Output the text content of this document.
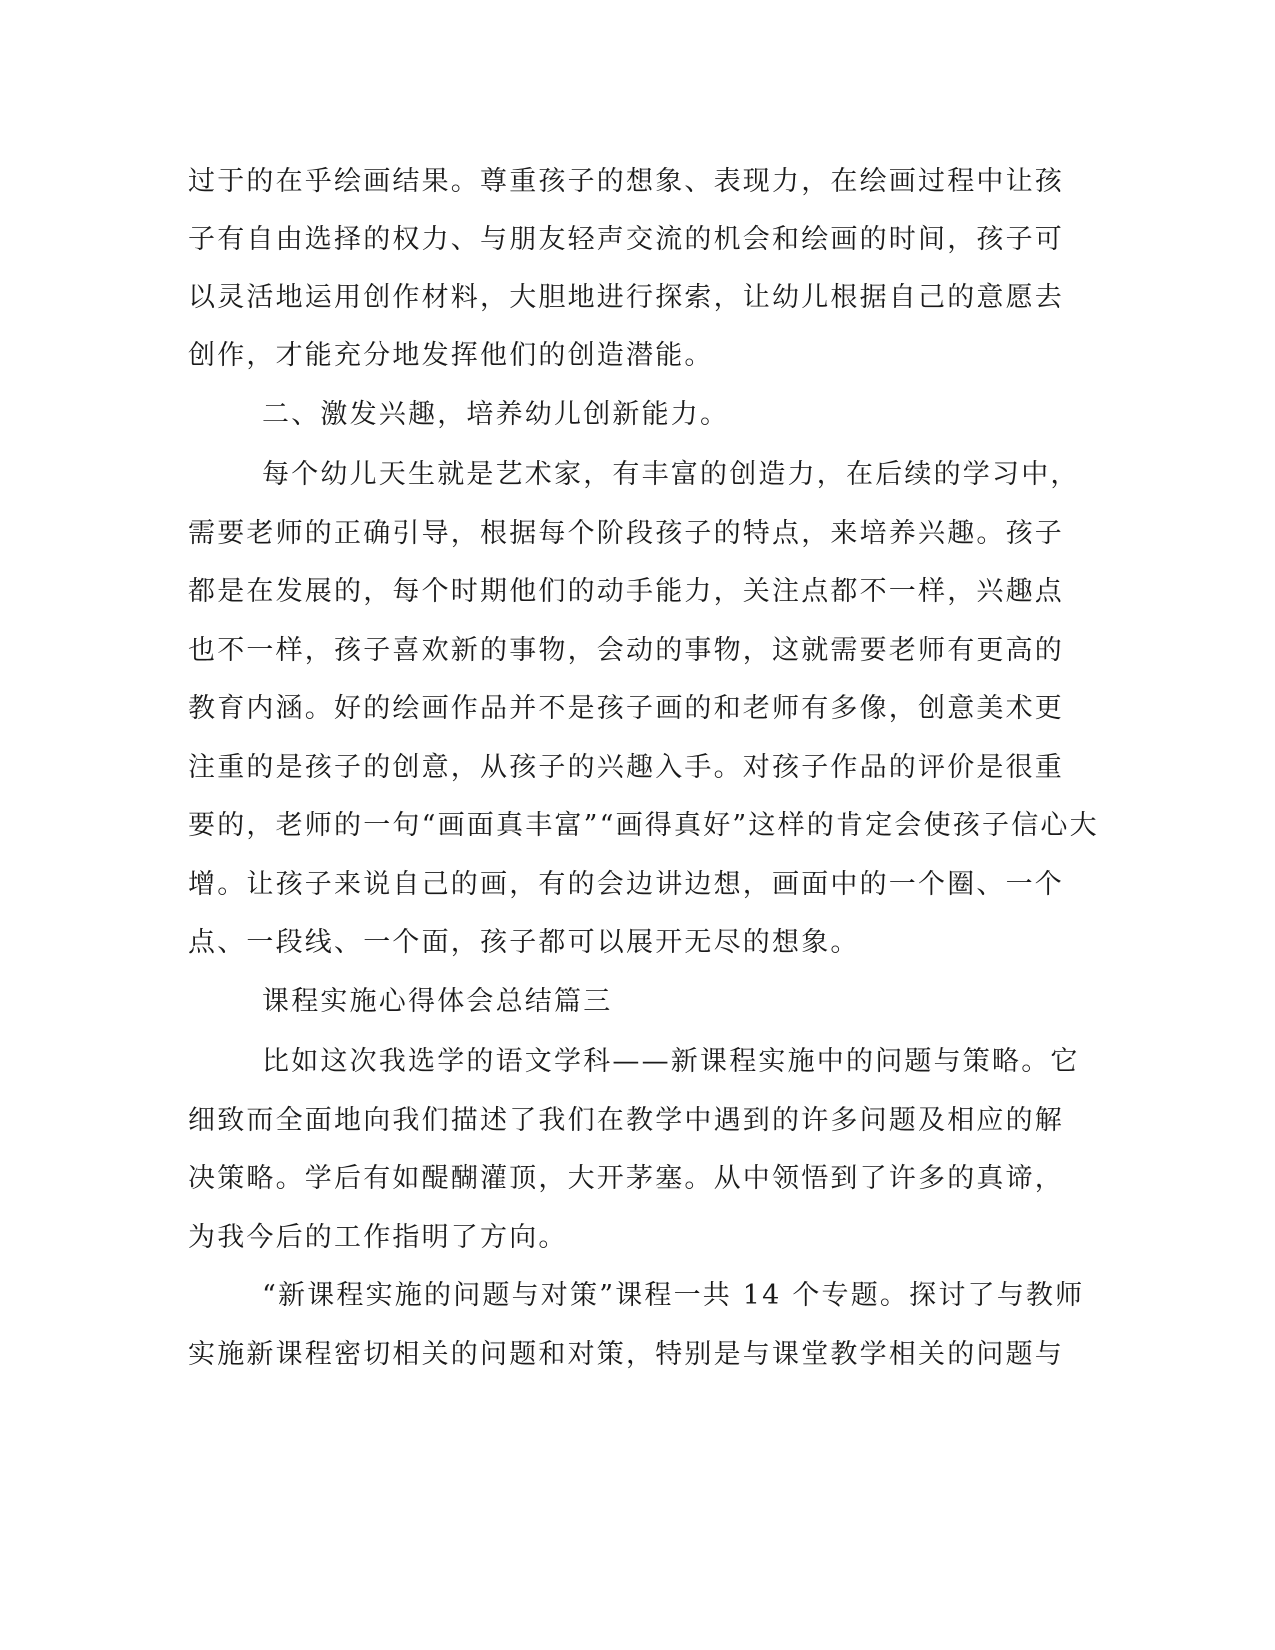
过于的在乎绘画结果。尊重孩子的想象、表现力，在绘画过程中让孩
子有自由选择的权力、与朋友轻声交流的机会和绘画的时间，孩子可
以灵活地运用创作材料，大胆地进行探索，让幼儿根据自己的意愿去
创作，才能充分地发挥他们的创造潜能。
二、激发兴趣，培养幼儿创新能力。
每个幼儿天生就是艺术家，有丰富的创造力，在后续的学习中，
需要老师的正确引导，根据每个阶段孩子的特点，来培养兴趣。孩子
都是在发展的，每个时期他们的动手能力，关注点都不一样，兴趣点
也不一样，孩子喜欢新的事物，会动的事物，这就需要老师有更高的
教育内涵。好的绘画作品并不是孩子画的和老师有多像，创意美术更
注重的是孩子的创意，从孩子的兴趣入手。对孩子作品的评价是很重
要的，老师的一句“画面真丰富”“画得真好”这样的肯定会使孩子信心大
增。让孩子来说自己的画，有的会边讲边想，画面中的一个圈、一个
点、一段线、一个面，孩子都可以展开无尽的想象。
课程实施心得体会总结篇三
比如这次我选学的语文学科——新课程实施中的问题与策略。它
细致而全面地向我们描述了我们在教学中遇到的许多问题及相应的解
决策略。学后有如醍醐灌顶，大开茅塞。从中领悟到了许多的真谛，
为我今后的工作指明了方向。
“新课程实施的问题与对策”课程一共 14 个专题。探讨了与教师
实施新课程密切相关的问题和对策，特别是与课堂教学相关的问题与
